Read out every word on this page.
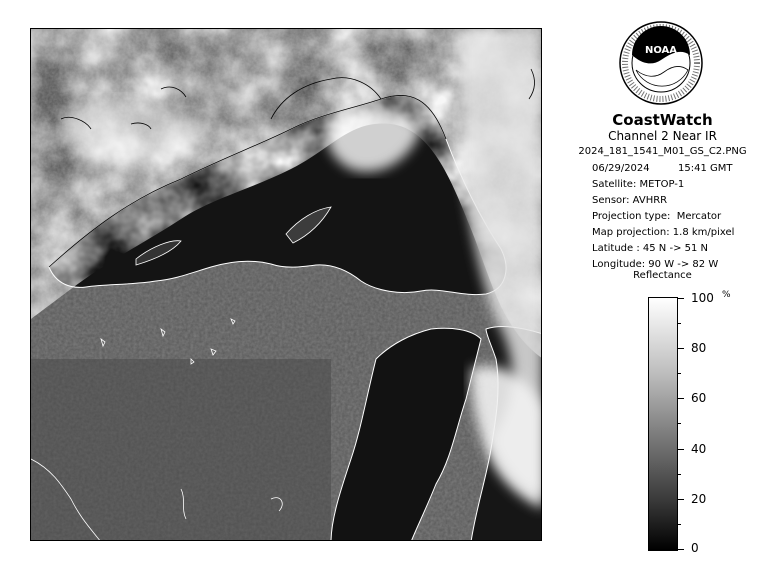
NOAA
CoastWatch
Channel 2 Near IR
2024_181_1541_M01_GS_C2.PNG
06/29/2024	15:41 GMT
Satellite: METOP-1
Sensor: AVHRR
Projection type: Mercator
Map projection: 1.8 km/pixel
Latitude : 45 N -> 51 N
Longitude: 90 W -> 82 W
Reflectance
%
100
80
60
40
20
0
